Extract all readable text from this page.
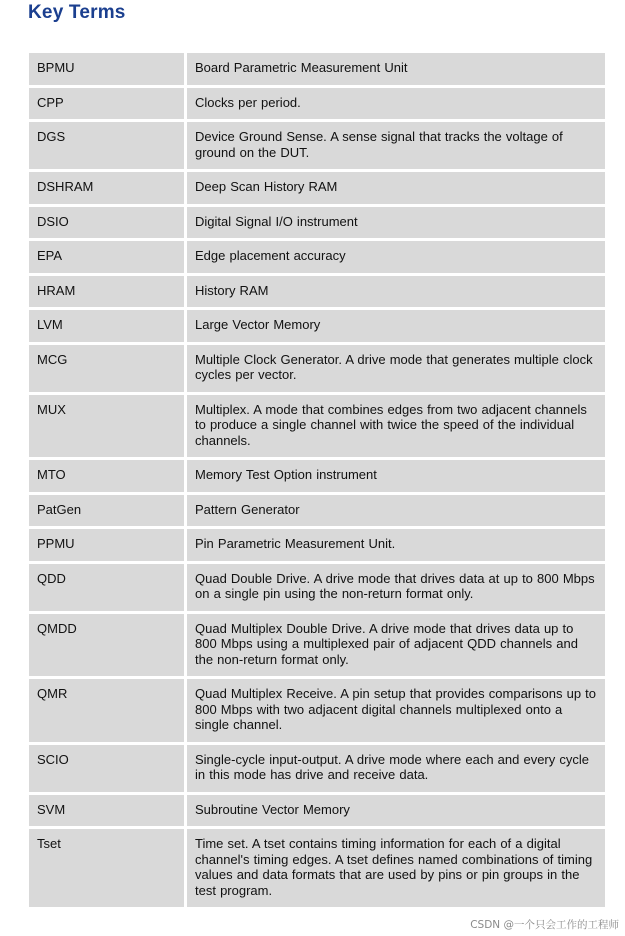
Key Terms
BPMU	Board Parametric Measurement Unit
CPP	Clocks per period.
DGS	Device Ground Sense. A sense signal that tracks the voltage of ground on the DUT.
DSHRAM	Deep Scan History RAM
DSIO	Digital Signal I/O instrument
EPA	Edge placement accuracy
HRAM	History RAM
LVM	Large Vector Memory
MCG	Multiple Clock Generator. A drive mode that generates multiple clock cycles per vector.
MUX	Multiplex. A mode that combines edges from two adjacent channels to produce a single channel with twice the speed of the individual channels.
MTO	Memory Test Option instrument
PatGen	Pattern Generator
PPMU	Pin Parametric Measurement Unit.
QDD	Quad Double Drive. A drive mode that drives data at up to 800 Mbps on a single pin using the non-return format only.
QMDD	Quad Multiplex Double Drive. A drive mode that drives data up to 800 Mbps using a multiplexed pair of adjacent QDD channels and the non-return format only.
QMR	Quad Multiplex Receive. A pin setup that provides comparisons up to 800 Mbps with two adjacent digital channels multiplexed onto a single channel.
SCIO	Single-cycle input-output. A drive mode where each and every cycle in this mode has drive and receive data.
SVM	Subroutine Vector Memory
Tset	Time set. A tset contains timing information for each of a digital channel's timing edges. A tset defines named combinations of timing values and data formats that are used by pins or pin groups in the test program.
CSDN @一个只会工作的工程师
